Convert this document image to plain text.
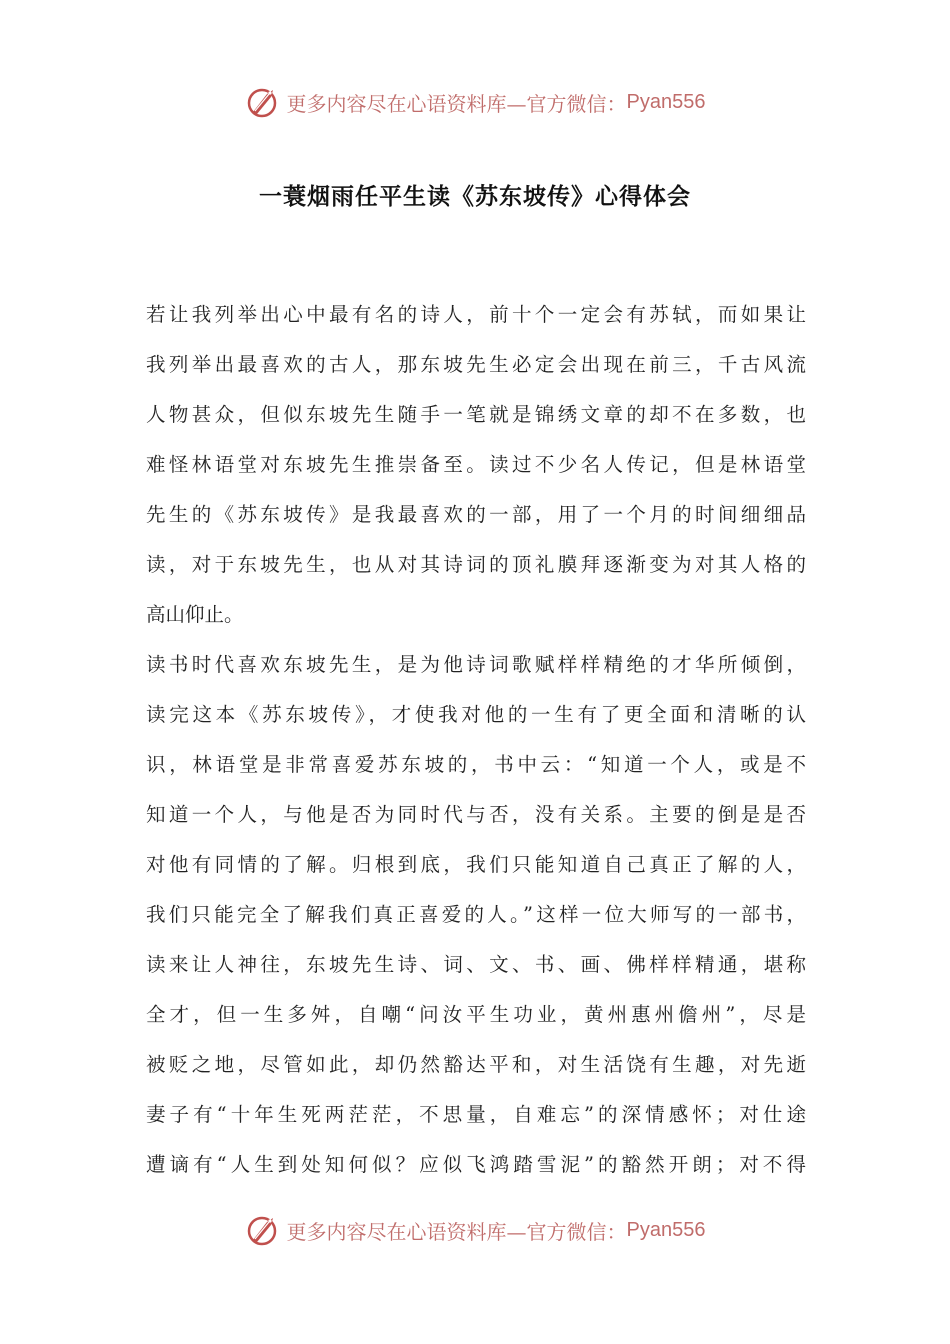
更多内容尽在心语资料库—官方微信： Pyan556
一蓑烟雨任平生读《苏东坡传》心得体会
若让我列举出心中最有名的诗人，前十个一定会有苏轼，而如果让
我列举出最喜欢的古人，那东坡先生必定会出现在前三，千古风流
人物甚众，但似东坡先生随手一笔就是锦绣文章的却不在多数，也
难怪林语堂对东坡先生推崇备至。读过不少名人传记，但是林语堂
先生的《苏东坡传》是我最喜欢的一部，用了一个月的时间细细品
读，对于东坡先生，也从对其诗词的顶礼膜拜逐渐变为对其人格的
高山仰止。
读书时代喜欢东坡先生，是为他诗词歌赋样样精绝的才华所倾倒，
读完这本《苏东坡传》，才使我对他的一生有了更全面和清晰的认
识，林语堂是非常喜爱苏东坡的，书中云：“知道一个人，或是不
知道一个人，与他是否为同时代与否，没有关系。主要的倒是是否
对他有同情的了解。归根到底，我们只能知道自己真正了解的人，
我们只能完全了解我们真正喜爱的人。”这样一位大师写的一部书，
读来让人神往，东坡先生诗、词、文、书、画、佛样样精通，堪称
全才，但一生多舛，自嘲“问汝平生功业，黄州惠州儋州”，尽是
被贬之地，尽管如此，却仍然豁达平和，对生活饶有生趣，对先逝
妻子有“十年生死两茫茫，不思量，自难忘”的深情感怀；对仕途
遭谪有“人生到处知何似？应似飞鸿踏雪泥”的豁然开朗；对不得
更多内容尽在心语资料库—官方微信： Pyan556
